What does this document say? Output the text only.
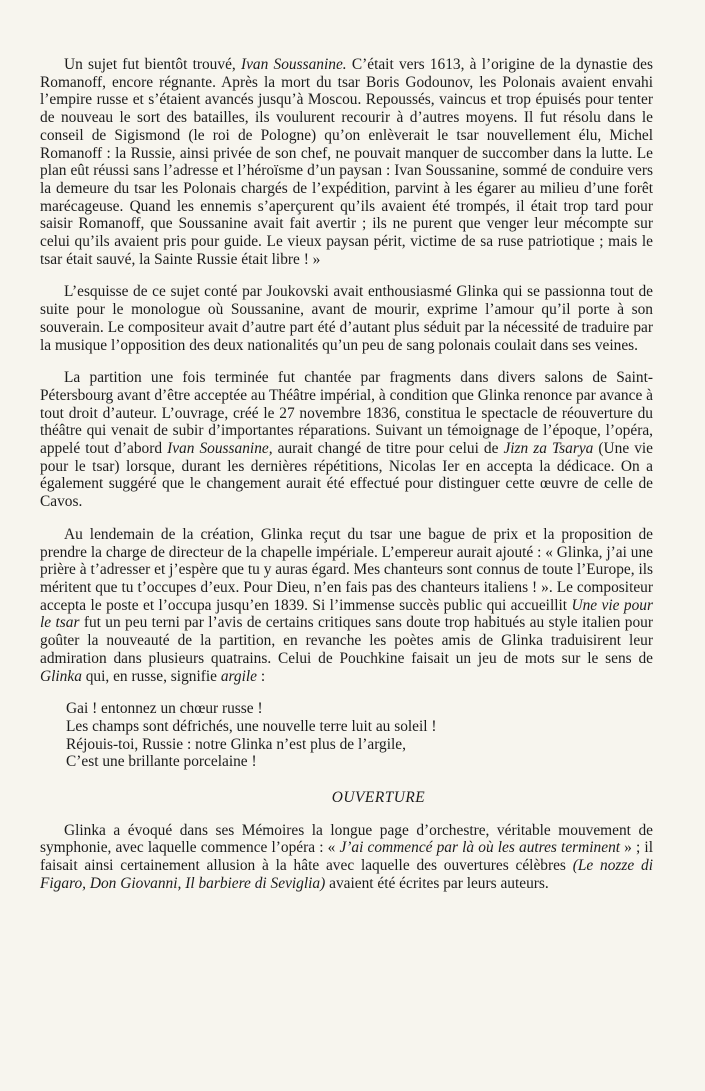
Un sujet fut bientôt trouvé, Ivan Soussanine. C’était vers 1613, à l’origine de la dynastie des Romanoff, encore régnante. Après la mort du tsar Boris Godounov, les Polonais avaient envahi l’empire russe et s’étaient avancés jusqu’à Moscou. Repoussés, vaincus et trop épuisés pour tenter de nouveau le sort des batailles, ils voulurent recourir à d’autres moyens. Il fut résolu dans le conseil de Sigismond (le roi de Pologne) qu’on enlèverait le tsar nouvellement élu, Michel Romanoff : la Russie, ainsi privée de son chef, ne pouvait manquer de succomber dans la lutte. Le plan eût réussi sans l’adresse et l’héroïsme d’un paysan : Ivan Soussanine, sommé de conduire vers la demeure du tsar les Polonais chargés de l’expédition, parvint à les égarer au milieu d’une forêt marécageuse. Quand les ennemis s’aperçurent qu’ils avaient été trompés, il était trop tard pour saisir Romanoff, que Soussanine avait fait avertir ; ils ne purent que venger leur mécompte sur celui qu’ils avaient pris pour guide. Le vieux paysan périt, victime de sa ruse patriotique ; mais le tsar était sauvé, la Sainte Russie était libre ! »

L’esquisse de ce sujet conté par Joukovski avait enthousiasmé Glinka qui se passionna tout de suite pour le monologue où Soussanine, avant de mourir, exprime l’amour qu’il porte à son souverain. Le compositeur avait d’autre part été d’autant plus séduit par la nécessité de traduire par la musique l’opposition des deux nationalités qu’un peu de sang polonais coulait dans ses veines.

La partition une fois terminée fut chantée par fragments dans divers salons de Saint-Pétersbourg avant d’être acceptée au Théâtre impérial, à condition que Glinka renonce par avance à tout droit d’auteur. L’ouvrage, créé le 27 novembre 1836, constitua le spectacle de réouverture du théâtre qui venait de subir d’importantes réparations. Suivant un témoignage de l’époque, l’opéra, appelé tout d’abord Ivan Soussanine, aurait changé de titre pour celui de Jizn za Tsarya (Une vie pour le tsar) lorsque, durant les dernières répétitions, Nicolas Ier en accepta la dédicace. On a également suggéré que le changement aurait été effectué pour distinguer cette œuvre de celle de Cavos.

Au lendemain de la création, Glinka reçut du tsar une bague de prix et la proposition de prendre la charge de directeur de la chapelle impériale. L’empereur aurait ajouté : « Glinka, j’ai une prière à t’adresser et j’espère que tu y auras égard. Mes chanteurs sont connus de toute l’Europe, ils méritent que tu t’occupes d’eux. Pour Dieu, n’en fais pas des chanteurs italiens ! ». Le compositeur accepta le poste et l’occupa jusqu’en 1839. Si l’immense succès public qui accueillit Une vie pour le tsar fut un peu terni par l’avis de certains critiques sans doute trop habitués au style italien pour goûter la nouveauté de la partition, en revanche les poètes amis de Glinka traduisirent leur admiration dans plusieurs quatrains. Celui de Pouchkine faisait un jeu de mots sur le sens de Glinka qui, en russe, signifie argile :

Gai ! entonnez un chœur russe !
Les champs sont défrichés, une nouvelle terre luit au soleil !
Réjouis-toi, Russie : notre Glinka n’est plus de l’argile,
C’est une brillante porcelaine !
OUVERTURE

Glinka a évoqué dans ses Mémoires la longue page d’orchestre, véritable mouvement de symphonie, avec laquelle commence l’opéra : « J’ai commencé par là où les autres terminent » ; il faisait ainsi certainement allusion à la hâte avec laquelle des ouvertures célèbres (Le nozze di Figaro, Don Giovanni, Il barbiere di Seviglia) avaient été écrites par leurs auteurs.
